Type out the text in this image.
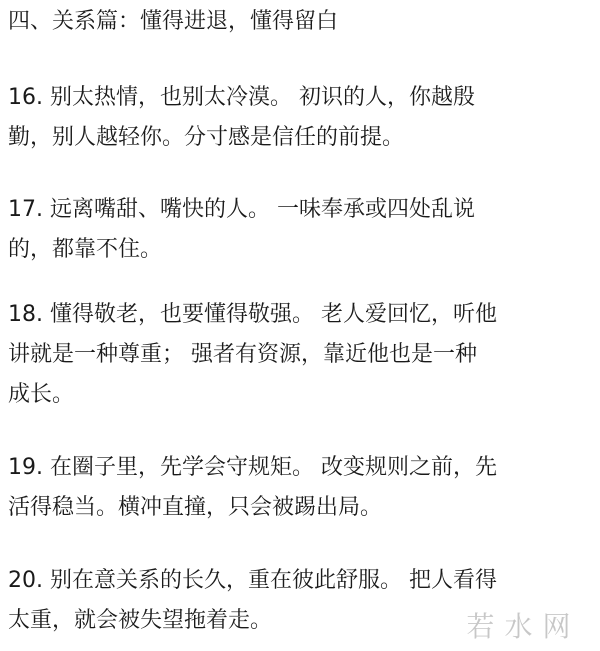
四、关系篇：懂得进退，懂得留白

16. 别太热情，也别太冷漠。 初识的人，你越殷
勤，别人越轻你。分寸感是信任的前提。

17. 远离嘴甜、嘴快的人。 一味奉承或四处乱说
的，都靠不住。

18. 懂得敬老，也要懂得敬强。 老人爱回忆，听他
讲就是一种尊重； 强者有资源，靠近他也是一种
成长。

19. 在圈子里，先学会守规矩。 改变规则之前，先
活得稳当。横冲直撞，只会被踢出局。

20. 别在意关系的长久，重在彼此舒服。 把人看得
太重，就会被失望拖着走。	若水网
